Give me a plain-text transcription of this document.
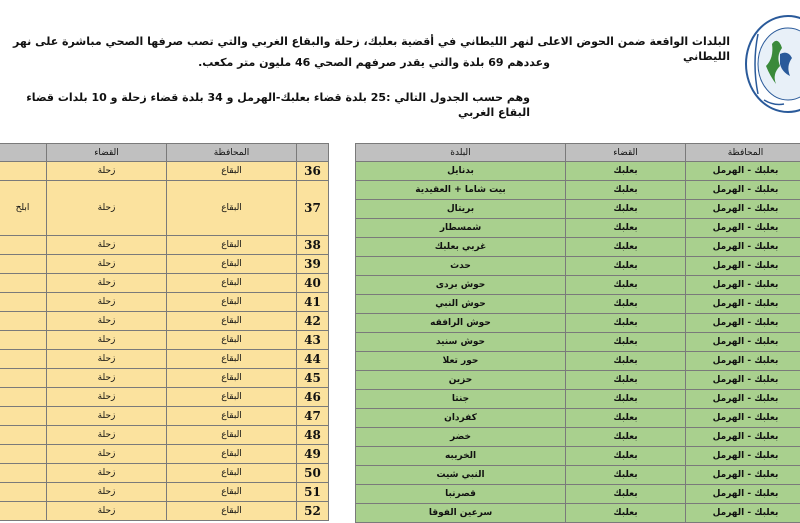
البلدات الواقعة ضمن الحوض الاعلى لنهر الليطاني في أقضية بعلبك، زحلة والبقاع الغربي والتي تصب صرفها الصحي مباشرة على نهر الليطاني
وعددهم 69 بلدة والتي يقدر صرفهم الصحي 46 مليون متر مكعب.
وهم حسب الجدول التالي :25 بلدة قضاء بعلبك-الهرمل و 34 بلدة قضاء زحلة و 10 بلدات قضاء البقاع الغربي
	القضاء	المحافظة	
	زحلة	البقاع	36
ابلح	زحلة	البقاع	37
	زحلة	البقاع	38
	زحلة	البقاع	39
	زحلة	البقاع	40
	زحلة	البقاع	41
	زحلة	البقاع	42
	زحلة	البقاع	43
	زحلة	البقاع	44
	زحلة	البقاع	45
	زحلة	البقاع	46
	زحلة	البقاع	47
	زحلة	البقاع	48
	زحلة	البقاع	49
	زحلة	البقاع	50
	زحلة	البقاع	51
	زحلة	البقاع	52
البلدة	القضاء	المحافظة
بدنايل	بعلبك	بعلبك - الهرمل
بيت شاما + العقيدية	بعلبك	بعلبك - الهرمل
بريتال	بعلبك	بعلبك - الهرمل
شمسطار	بعلبك	بعلبك - الهرمل
غربي بعلبك	بعلبك	بعلبك - الهرمل
حدث	بعلبك	بعلبك - الهرمل
حوش بردى	بعلبك	بعلبك - الهرمل
حوش النبي	بعلبك	بعلبك - الهرمل
حوش الرافقه	بعلبك	بعلبك - الهرمل
حوش سنيد	بعلبك	بعلبك - الهرمل
حور تعلا	بعلبك	بعلبك - الهرمل
حزين	بعلبك	بعلبك - الهرمل
جنتا	بعلبك	بعلبك - الهرمل
كفردان	بعلبك	بعلبك - الهرمل
خضر	بعلبك	بعلبك - الهرمل
الخريبه	بعلبك	بعلبك - الهرمل
النبي شيت	بعلبك	بعلبك - الهرمل
قصرنبا	بعلبك	بعلبك - الهرمل
سرعين الفوقا	بعلبك	بعلبك - الهرمل
